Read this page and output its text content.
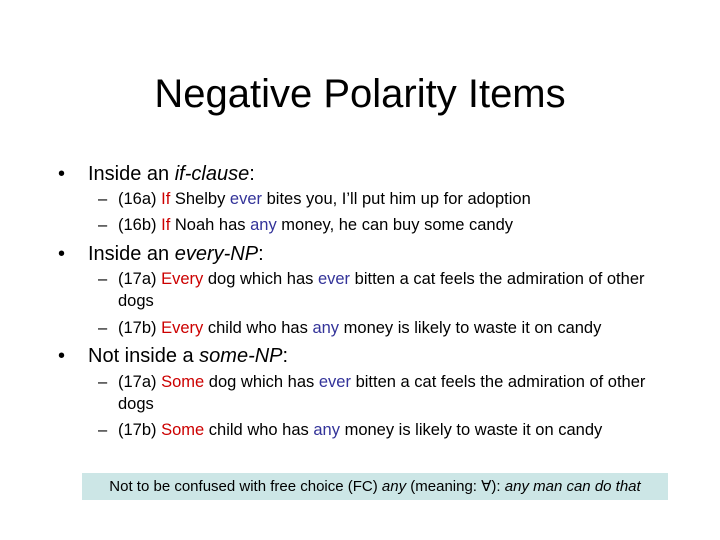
Negative Polarity Items
• Inside an if-clause:
– (16a) If Shelby ever bites you, I’ll put him up for adoption
– (16b) If Noah has any money, he can buy some candy
• Inside an every-NP:
– (17a) Every dog which has ever bitten a cat feels the admiration of other dogs
– (17b) Every child who has any money is likely to waste it on candy
• Not inside a some-NP:
– (17a) Some dog which has ever bitten a cat feels the admiration of other dogs
– (17b) Some child who has any money is likely to waste it on candy
Not to be confused with free choice (FC) any (meaning: ∀): any man can do that
